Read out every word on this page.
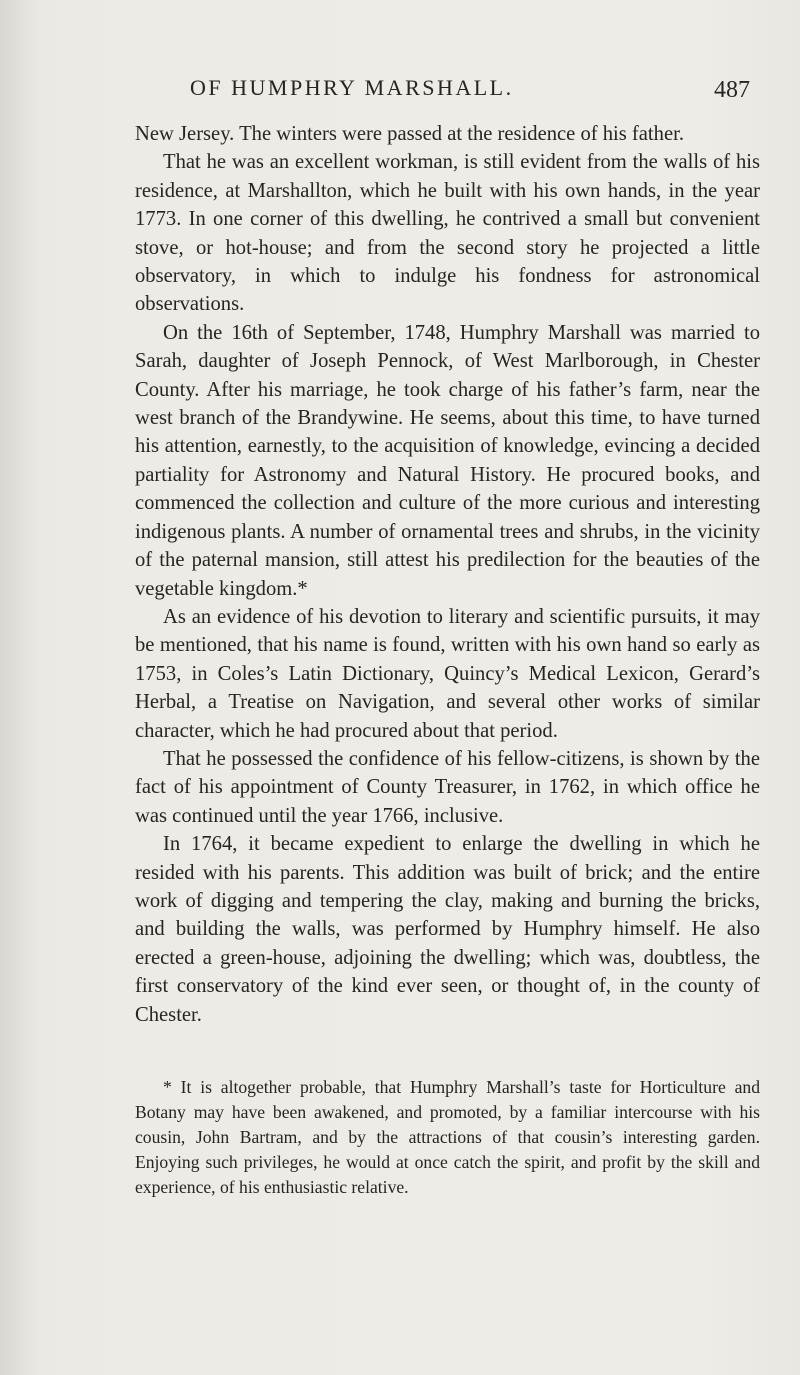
OF HUMPHRY MARSHALL.	487

New Jersey. The winters were passed at the residence of his father.

That he was an excellent workman, is still evident from the walls of his residence, at Marshallton, which he built with his own hands, in the year 1773. In one corner of this dwelling, he contrived a small but convenient stove, or hot-house; and from the second story he projected a little observatory, in which to indulge his fondness for astronomical observations.

On the 16th of September, 1748, Humphry Marshall was married to Sarah, daughter of Joseph Pennock, of West Marlborough, in Chester County. After his marriage, he took charge of his father’s farm, near the west branch of the Brandywine. He seems, about this time, to have turned his attention, earnestly, to the acquisition of knowledge, evincing a decided partiality for Astronomy and Natural History. He procured books, and commenced the collection and culture of the more curious and interesting indigenous plants. A number of ornamental trees and shrubs, in the vicinity of the paternal mansion, still attest his predilection for the beauties of the vegetable kingdom.*

As an evidence of his devotion to literary and scientific pursuits, it may be mentioned, that his name is found, written with his own hand so early as 1753, in Coles’s Latin Dictionary, Quincy’s Medical Lexicon, Gerard’s Herbal, a Treatise on Navigation, and several other works of similar character, which he had procured about that period.

That he possessed the confidence of his fellow-citizens, is shown by the fact of his appointment of County Treasurer, in 1762, in which office he was continued until the year 1766, inclusive.

In 1764, it became expedient to enlarge the dwelling in which he resided with his parents. This addition was built of brick; and the entire work of digging and tempering the clay, making and burning the bricks, and building the walls, was performed by Humphry himself. He also erected a green-house, adjoining the dwelling; which was, doubtless, the first conservatory of the kind ever seen, or thought of, in the county of Chester.

* It is altogether probable, that Humphry Marshall’s taste for Horticulture and Botany may have been awakened, and promoted, by a familiar intercourse with his cousin, John Bartram, and by the attractions of that cousin’s interesting garden. Enjoying such privileges, he would at once catch the spirit, and profit by the skill and experience, of his enthusiastic relative.
